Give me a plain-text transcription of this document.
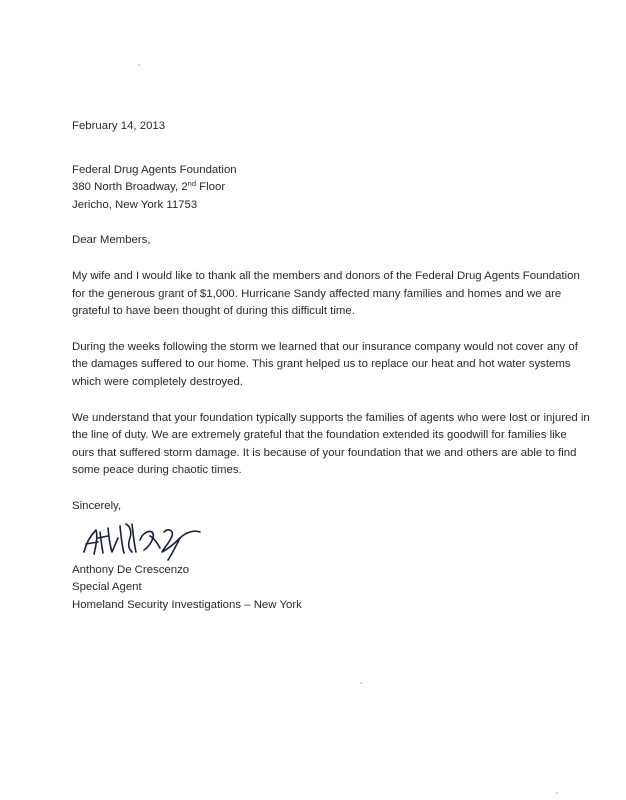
February 14, 2013
Federal Drug Agents Foundation
380 North Broadway, 2nd Floor
Jericho, New York 11753
Dear Members,
My wife and I would like to thank all the members and donors of the Federal Drug Agents Foundation
for the generous grant of $1,000. Hurricane Sandy affected many families and homes and we are
grateful to have been thought of during this difficult time.
During the weeks following the storm we learned that our insurance company would not cover any of
the damages suffered to our home. This grant helped us to replace our heat and hot water systems
which were completely destroyed.
We understand that your foundation typically supports the families of agents who were lost or injured in
the line of duty. We are extremely grateful that the foundation extended its goodwill for families like
ours that suffered storm damage. It is because of your foundation that we and others are able to find
some peace during chaotic times.
Sincerely,
Anthony De Crescenzo
Special Agent
Homeland Security Investigations – New York
